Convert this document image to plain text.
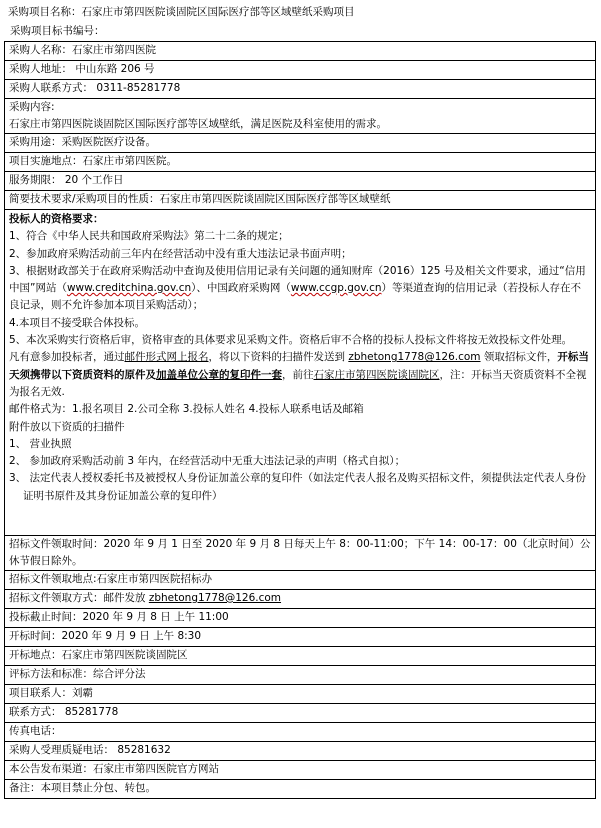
采购项目名称：石家庄市第四医院谈固院区国际医疗部等区域壁纸采购项目
采购项目标书编号：
采购人名称：石家庄市第四医院
采购人地址： 中山东路 206 号
采购人联系方式： 0311-85281778

采购内容:
石家庄市第四医院谈固院区国际医疗部等区域壁纸，满足医院及科室使用的需求。

采购用途：采购医院医疗设备。
项目实施地点：石家庄市第四医院。
服务期限： 20 个工作日
简要技术要求/采购项目的性质：石家庄市第四医院谈固院区国际医疗部等区域壁纸

投标人的资格要求：
1、符合《中华人民共和国政府采购法》第二十二条的规定；
2、参加政府采购活动前三年内在经营活动中没有重大违法记录书面声明；
3、根据财政部关于在政府采购活动中查询及使用信用记录有关问题的通知财库（2016）125 号及相关文件要求，通过“信用中国”网站（www.creditchina.gov.cn）、中国政府采购网（www.ccgp.gov.cn）等渠道查询的信用记录（若投标人存在不良记录，则不允许参加本项目采购活动）；
4.本项目不接受联合体投标。
5、本次采购实行资格后审，资格审查的具体要求见采购文件。资格后审不合格的投标人投标文件将按无效投标文件处理。
凡有意参加投标者，通过邮件形式网上报名，将以下资料的扫描件发送到 zbhetong1778@126.com 领取招标文件，开标当天须携带以下资质资料的原件及加盖单位公章的复印件一套，前往石家庄市第四医院谈固院区，注：开标当天资质资料不全视为报名无效.
邮件格式为：1.报名项目 2.公司全称 3.投标人姓名 4.投标人联系电话及邮箱
附件放以下资质的扫描件
1、 营业执照
2、 参加政府采购活动前 3 年内，在经营活动中无重大违法记录的声明（格式自拟）；
3、 法定代表人授权委托书及被授权人身份证加盖公章的复印件（如法定代表人报名及购买招标文件，须提供法定代表人身份证明书原件及其身份证加盖公章的复印件）

招标文件领取时间：2020 年 9 月 1 日至 2020 年 9 月 8 日每天上午 8：00-11:00；下午 14：00-17：00（北京时间）公休节假日除外。
招标文件领取地点:石家庄市第四医院招标办
招标文件领取方式：邮件发放 zbhetong1778@126.com
投标截止时间：2020 年 9 月 8 日 上午 11:00
开标时间：2020 年 9 月 9 日 上午 8:30
开标地点：石家庄市第四医院谈固院区
评标方法和标准：综合评分法
项目联系人：刘霸
联系方式： 85281778
传真电话：
采购人受理质疑电话： 85281632
本公告发布渠道：石家庄市第四医院官方网站
备注：本项目禁止分包、转包。
